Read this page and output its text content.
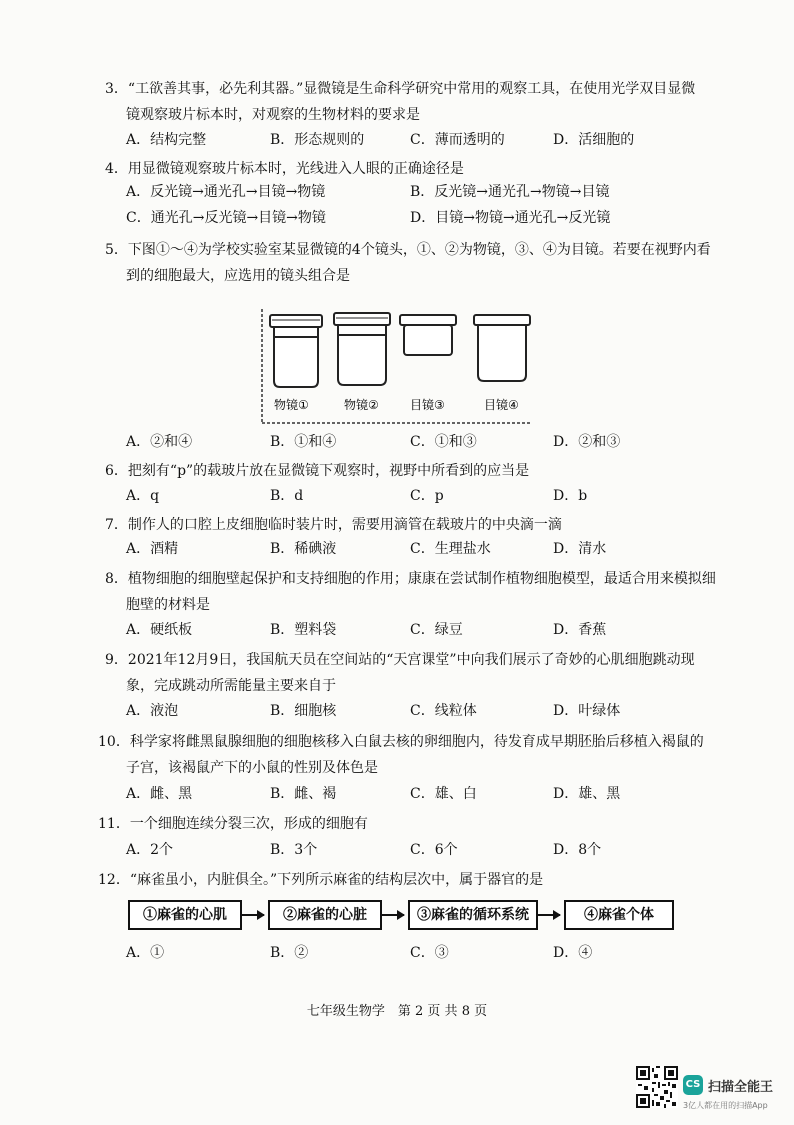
3．“工欲善其事，必先利其器。”显微镜是生命科学研究中常用的观察工具，在使用光学双目显微
镜观察玻片标本时，对观察的生物材料的要求是
A．结构完整	B．形态规则的	C．薄而透明的	D．活细胞的
4．用显微镜观察玻片标本时，光线进入人眼的正确途径是
A．反光镜→通光孔→目镜→物镜	B．反光镜→通光孔→物镜→目镜
C．通光孔→反光镜→目镜→物镜	D．目镜→物镜→通光孔→反光镜
5．下图①～④为学校实验室某显微镜的4个镜头，①、②为物镜，③、④为目镜。若要在视野内看
到的细胞最大，应选用的镜头组合是
物镜①	物镜②	目镜③	目镜④
A．②和④	B．①和④	C．①和③	D．②和③
6．把刻有“p”的载玻片放在显微镜下观察时，视野中所看到的应当是
A．q	B．d	C．p	D．b
7．制作人的口腔上皮细胞临时装片时，需要用滴管在载玻片的中央滴一滴
A．酒精	B．稀碘液	C．生理盐水	D．清水
8．植物细胞的细胞壁起保护和支持细胞的作用；康康在尝试制作植物细胞模型，最适合用来模拟细
胞壁的材料是
A．硬纸板	B．塑料袋	C．绿豆	D．香蕉
9．2021年12月9日，我国航天员在空间站的“天宫课堂”中向我们展示了奇妙的心肌细胞跳动现
象，完成跳动所需能量主要来自于
A．液泡	B．细胞核	C．线粒体	D．叶绿体
10．科学家将雌黑鼠腺细胞的细胞核移入白鼠去核的卵细胞内，待发育成早期胚胎后移植入褐鼠的
子宫，该褐鼠产下的小鼠的性别及体色是
A．雌、黑	B．雌、褐	C．雄、白	D．雄、黑
11．一个细胞连续分裂三次，形成的细胞有
A．2个	B．3个	C．6个	D．8个
12．“麻雀虽小，内脏俱全。”下列所示麻雀的结构层次中，属于器官的是
①麻雀的心肌	②麻雀的心脏	③麻雀的循环系统	④麻雀个体
A．①	B．②	C．③	D．④
七年级生物学　第 2 页 共 8 页
CS 扫描全能王
3亿人都在用的扫描App
